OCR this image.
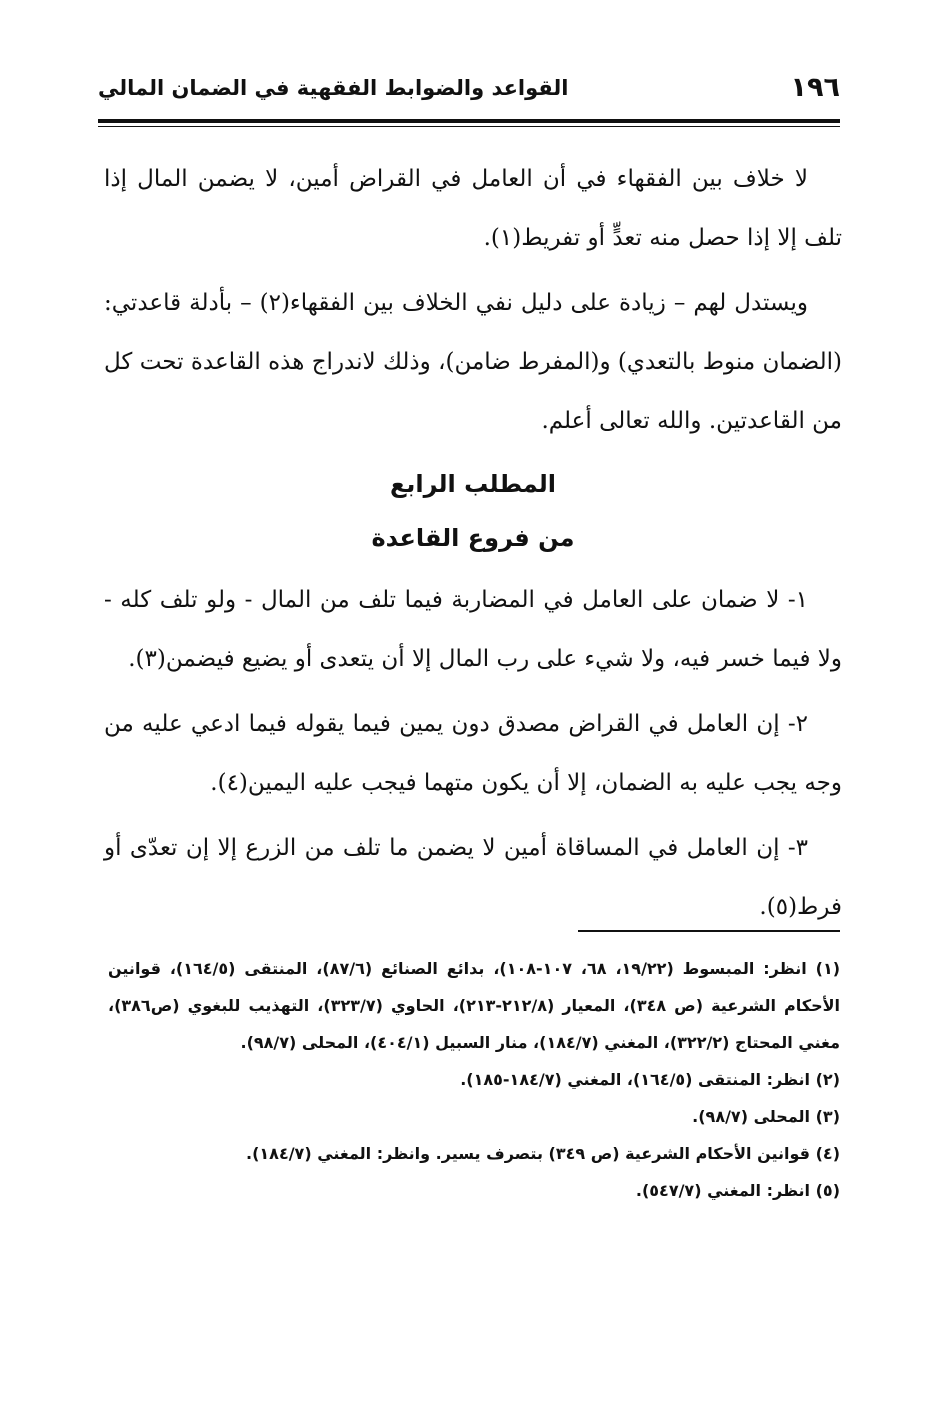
١٩٦
القواعد والضوابط الفقهية في الضمان المالي

لا خلاف بين الفقهاء في أن العامل في القراض أمين، لا يضمن المال إذا تلف إلا إذا حصل منه تعدٍّ أو تفريط(١).

ويستدل لهم – زيادة على دليل نفي الخلاف بين الفقهاء(٢) – بأدلة قاعدتي: (الضمان منوط بالتعدي) و(المفرط ضامن)، وذلك لاندراج هذه القاعدة تحت كل من القاعدتين. والله تعالى أعلم.

المطلب الرابع
من فروع القاعدة

١- لا ضمان على العامل في المضاربة فيما تلف من المال - ولو تلف كله - ولا فيما خسر فيه، ولا شيء على رب المال إلا أن يتعدى أو يضيع فيضمن(٣).

٢- إن العامل في القراض مصدق دون يمين فيما يقوله فيما ادعي عليه من وجه يجب عليه به الضمان، إلا أن يكون متهما فيجب عليه اليمين(٤).

٣- إن العامل في المساقاة أمين لا يضمن ما تلف من الزرع إلا إن تعدّى أو فرط(٥).

(١) انظر: المبسوط (١٩/٢٢، ٦٨، ١٠٧-١٠٨)، بدائع الصنائع (٨٧/٦)، المنتقى (١٦٤/٥)، قوانين الأحكام الشرعية (ص ٣٤٨)، المعيار (٢١٢/٨-٢١٣)، الحاوي (٣٢٣/٧)، التهذيب للبغوي (ص٣٨٦)، مغني المحتاج (٣٢٢/٢)، المغني (١٨٤/٧)، منار السبيل (٤٠٤/١)، المحلى (٩٨/٧).

(٢) انظر: المنتقى (١٦٤/٥)، المغني (١٨٤/٧-١٨٥).

(٣) المحلى (٩٨/٧).

(٤) قوانين الأحكام الشرعية (ص ٣٤٩) بتصرف يسير. وانظر: المغني (١٨٤/٧).

(٥) انظر: المغني (٥٤٧/٧).
